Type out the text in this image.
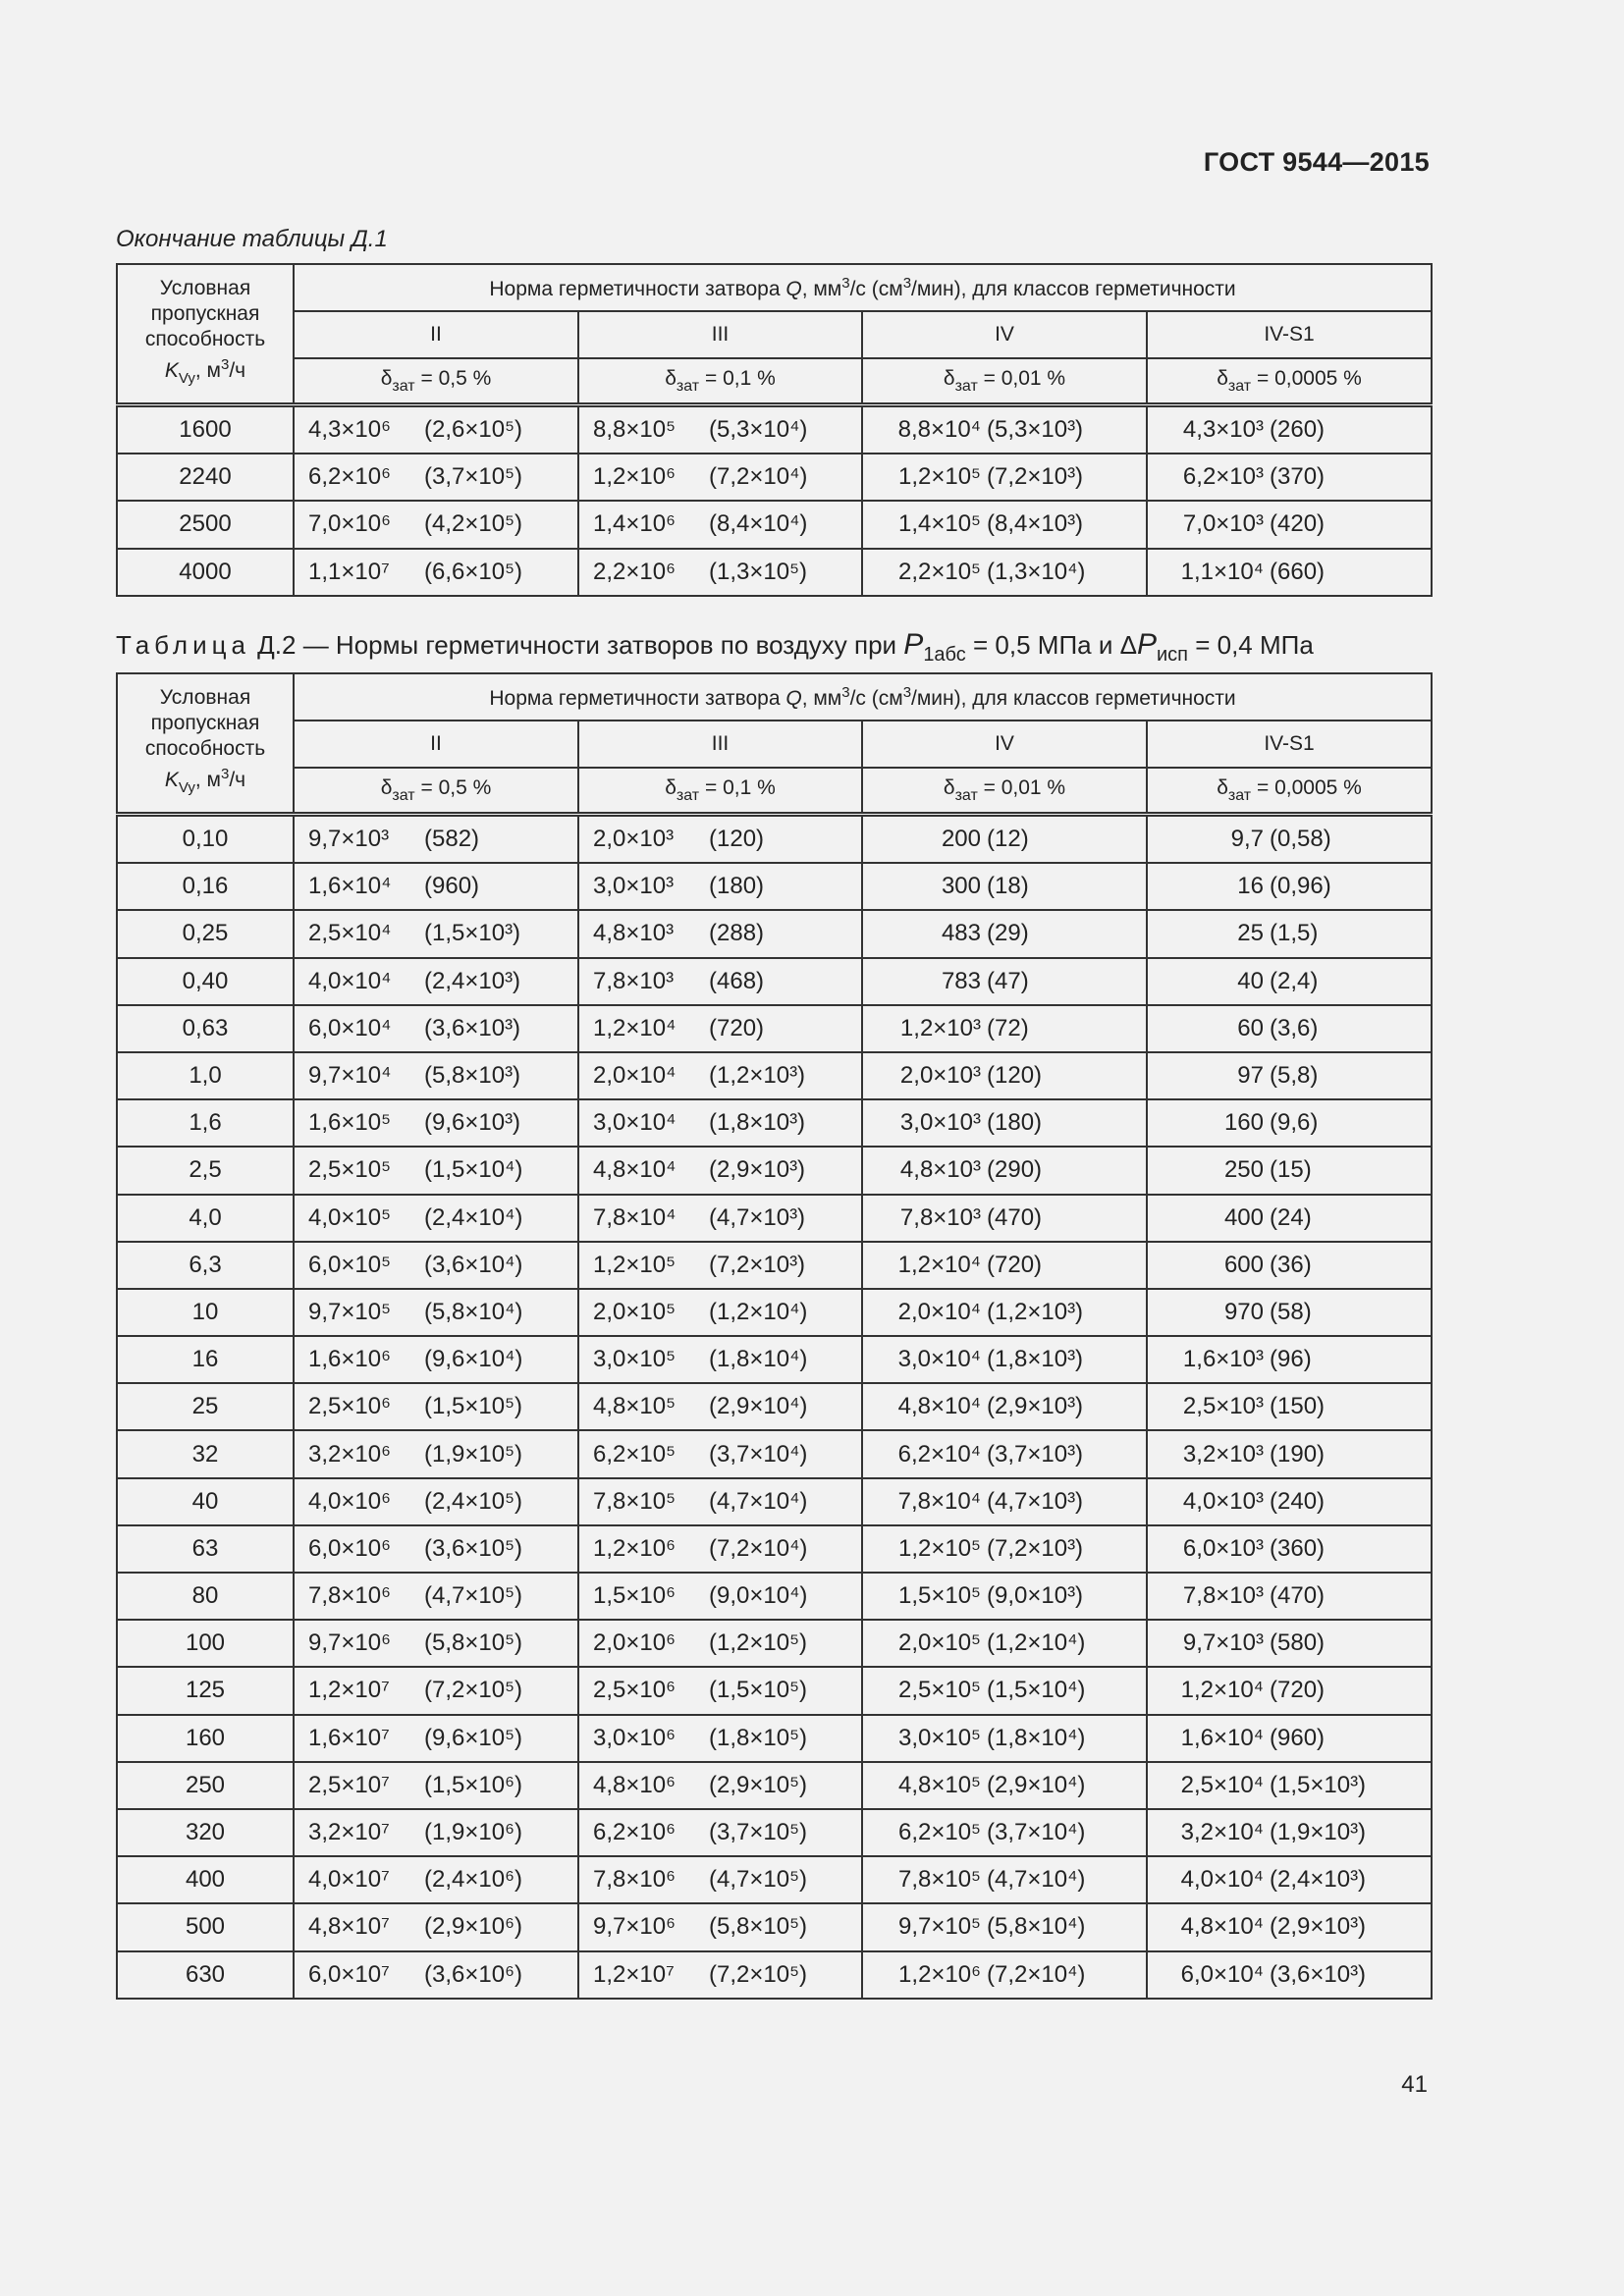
ГОСТ 9544—2015
Окончание таблицы Д.1
Условная
пропускная
способность
$K_{Vy}$, $м^3/ч$	Норма герметичности затвора Q, $мм^3/с$ $(см^3/мин)$, для классов герметичности			
	II	III	IV	IV-S1
	$\delta_{зат} = 0,5$ %	$\delta_{зат} = 0,1$ %	$\delta_{зат} = 0,01$ %	$\delta_{зат} = 0,0005$ %
1600	4,3×10⁶ (2,6×10⁵)	8,8×10⁵ (5,3×10⁴)	8,8×10⁴ (5,3×10³)	4,3×10³ (260)

2240	6,2×10⁶ (3,7×10⁵)	1,2×10⁶ (7,2×10⁴)	1,2×10⁵ (7,2×10³)	6,2×10³ (370)

2500	7,0×10⁶ (4,2×10⁵)	1,4×10⁶ (8,4×10⁴)	1,4×10⁵ (8,4×10³)	7,0×10³ (420)

4000	1,1×10⁷ (6,6×10⁵)	2,2×10⁶ (1,3×10⁵)	2,2×10⁵ (1,3×10⁴)	1,1×10⁴ (660)
Таблица Д.2 — Нормы герметичности затворов по воздуху при $P_{1абс} = 0,5$ МПа и $\Delta P_{исп} = 0,4$ МПа
Условная
пропускная
способность
$K_{Vy}$, $м^3/ч$	Норма герметичности затвора Q, $мм^3/с$ $(см^3/мин)$, для классов герметичности			
	II	III	IV	IV-S1
	$\delta_{зат} = 0,5$ %	$\delta_{зат} = 0,1$ %	$\delta_{зат} = 0,01$ %	$\delta_{зат} = 0,0005$ %
0,10	9,7×10³ (582)	2,0×10³ (120)	200 (12)	9,7 (0,58)

0,16	1,6×10⁴ (960)	3,0×10³ (180)	300 (18)	16 (0,96)

0,25	2,5×10⁴ (1,5×10³)	4,8×10³ (288)	483 (29)	25 (1,5)

0,40	4,0×10⁴ (2,4×10³)	7,8×10³ (468)	783 (47)	40 (2,4)

0,63	6,0×10⁴ (3,6×10³)	1,2×10⁴ (720)	1,2×10³ (72)	60 (3,6)

1,0	9,7×10⁴ (5,8×10³)	2,0×10⁴ (1,2×10³)	2,0×10³ (120)	97 (5,8)

1,6	1,6×10⁵ (9,6×10³)	3,0×10⁴ (1,8×10³)	3,0×10³ (180)	160 (9,6)

2,5	2,5×10⁵ (1,5×10⁴)	4,8×10⁴ (2,9×10³)	4,8×10³ (290)	250 (15)

4,0	4,0×10⁵ (2,4×10⁴)	7,8×10⁴ (4,7×10³)	7,8×10³ (470)	400 (24)

6,3	6,0×10⁵ (3,6×10⁴)	1,2×10⁵ (7,2×10³)	1,2×10⁴ (720)	600 (36)

10	9,7×10⁵ (5,8×10⁴)	2,0×10⁵ (1,2×10⁴)	2,0×10⁴ (1,2×10³)	970 (58)

16	1,6×10⁶ (9,6×10⁴)	3,0×10⁵ (1,8×10⁴)	3,0×10⁴ (1,8×10³)	1,6×10³ (96)

25	2,5×10⁶ (1,5×10⁵)	4,8×10⁵ (2,9×10⁴)	4,8×10⁴ (2,9×10³)	2,5×10³ (150)

32	3,2×10⁶ (1,9×10⁵)	6,2×10⁵ (3,7×10⁴)	6,2×10⁴ (3,7×10³)	3,2×10³ (190)

40	4,0×10⁶ (2,4×10⁵)	7,8×10⁵ (4,7×10⁴)	7,8×10⁴ (4,7×10³)	4,0×10³ (240)

63	6,0×10⁶ (3,6×10⁵)	1,2×10⁶ (7,2×10⁴)	1,2×10⁵ (7,2×10³)	6,0×10³ (360)

80	7,8×10⁶ (4,7×10⁵)	1,5×10⁶ (9,0×10⁴)	1,5×10⁵ (9,0×10³)	7,8×10³ (470)

100	9,7×10⁶ (5,8×10⁵)	2,0×10⁶ (1,2×10⁵)	2,0×10⁵ (1,2×10⁴)	9,7×10³ (580)

125	1,2×10⁷ (7,2×10⁵)	2,5×10⁶ (1,5×10⁵)	2,5×10⁵ (1,5×10⁴)	1,2×10⁴ (720)

160	1,6×10⁷ (9,6×10⁵)	3,0×10⁶ (1,8×10⁵)	3,0×10⁵ (1,8×10⁴)	1,6×10⁴ (960)

250	2,5×10⁷ (1,5×10⁶)	4,8×10⁶ (2,9×10⁵)	4,8×10⁵ (2,9×10⁴)	2,5×10⁴ (1,5×10³)

320	3,2×10⁷ (1,9×10⁶)	6,2×10⁶ (3,7×10⁵)	6,2×10⁵ (3,7×10⁴)	3,2×10⁴ (1,9×10³)

400	4,0×10⁷ (2,4×10⁶)	7,8×10⁶ (4,7×10⁵)	7,8×10⁵ (4,7×10⁴)	4,0×10⁴ (2,4×10³)

500	4,8×10⁷ (2,9×10⁶)	9,7×10⁶ (5,8×10⁵)	9,7×10⁵ (5,8×10⁴)	4,8×10⁴ (2,9×10³)

630	6,0×10⁷ (3,6×10⁶)	1,2×10⁷ (7,2×10⁵)	1,2×10⁶ (7,2×10⁴)	6,0×10⁴ (3,6×10³)
41
